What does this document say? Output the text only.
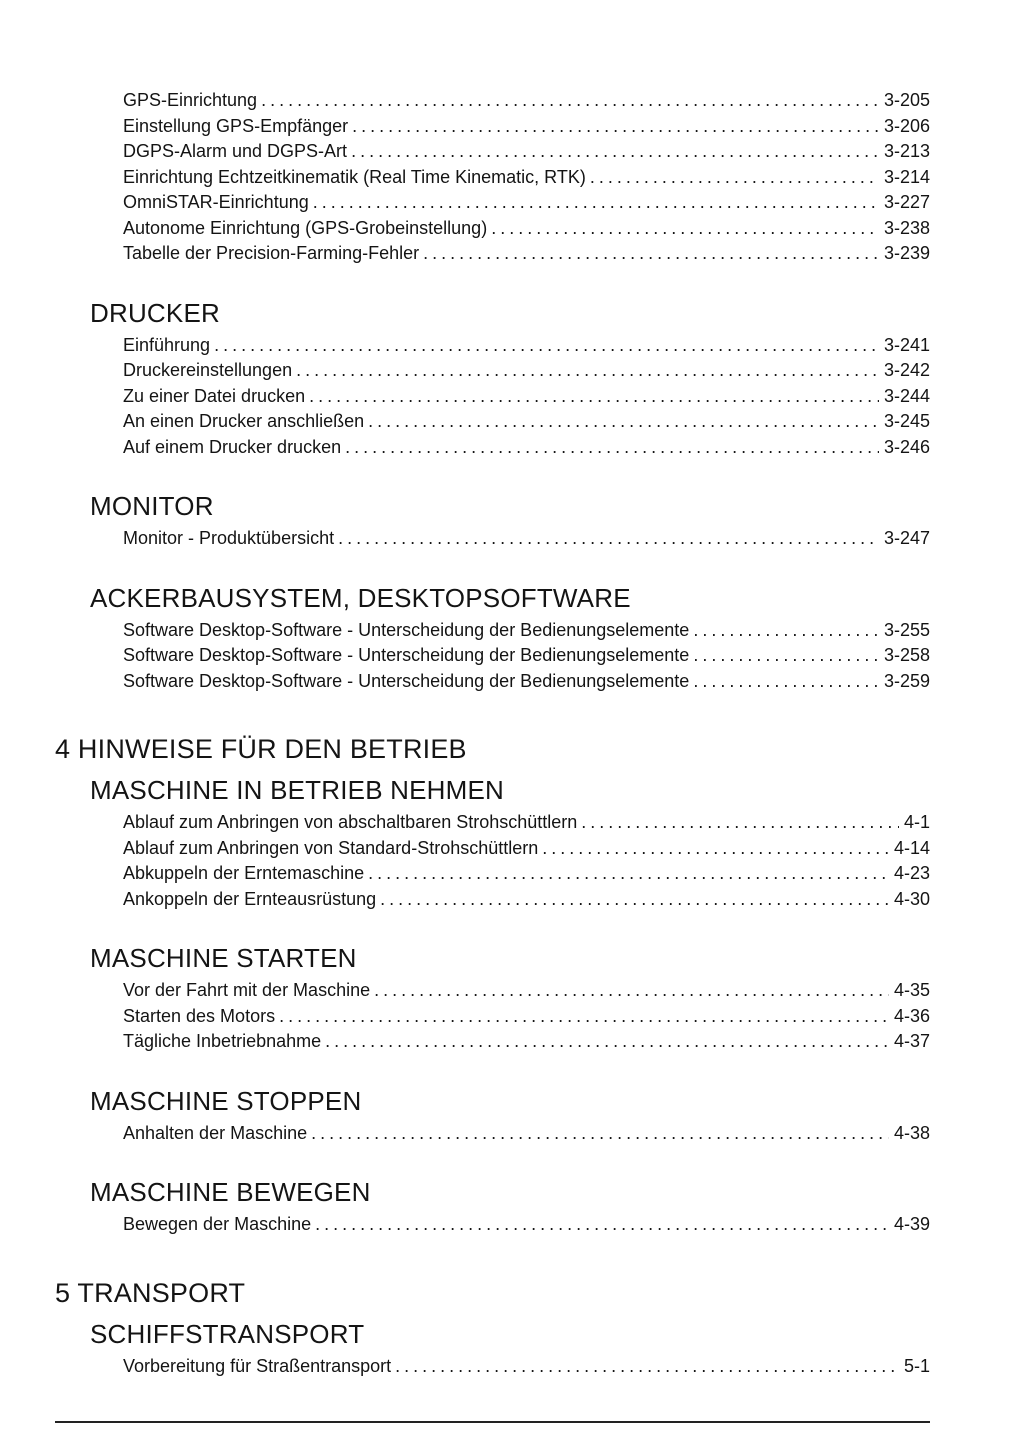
GPS-Einrichtung .....	3-205
Einstellung GPS-Empfänger .....	3-206
DGPS-Alarm und DGPS-Art .....	3-213
Einrichtung Echtzeitkinematik (Real Time Kinematic, RTK) .....	3-214
OmniSTAR-Einrichtung .....	3-227
Autonome Einrichtung (GPS-Grobeinstellung) .....	3-238
Tabelle der Precision-Farming-Fehler .....	3-239
DRUCKER
Einführung .....	3-241
Druckereinstellungen .....	3-242
Zu einer Datei drucken .....	3-244
An einen Drucker anschließen .....	3-245
Auf einem Drucker drucken .....	3-246
MONITOR
Monitor - Produktübersicht .....	3-247
ACKERBAUSYSTEM, DESKTOPSOFTWARE
Software Desktop-Software - Unterscheidung der Bedienungselemente .....	3-255
Software Desktop-Software - Unterscheidung der Bedienungselemente .....	3-258
Software Desktop-Software - Unterscheidung der Bedienungselemente .....	3-259
4 HINWEISE FÜR DEN BETRIEB
MASCHINE IN BETRIEB NEHMEN
Ablauf zum Anbringen von abschaltbaren Strohschüttlern .....	4-1
Ablauf zum Anbringen von Standard-Strohschüttlern .....	4-14
Abkuppeln der Erntemaschine .....	4-23
Ankoppeln der Ernteausrüstung .....	4-30
MASCHINE STARTEN
Vor der Fahrt mit der Maschine .....	4-35
Starten des Motors .....	4-36
Tägliche Inbetriebnahme .....	4-37
MASCHINE STOPPEN
Anhalten der Maschine .....	4-38
MASCHINE BEWEGEN
Bewegen der Maschine .....	4-39
5 TRANSPORT
SCHIFFSTRANSPORT
Vorbereitung für Straßentransport .....	5-1
